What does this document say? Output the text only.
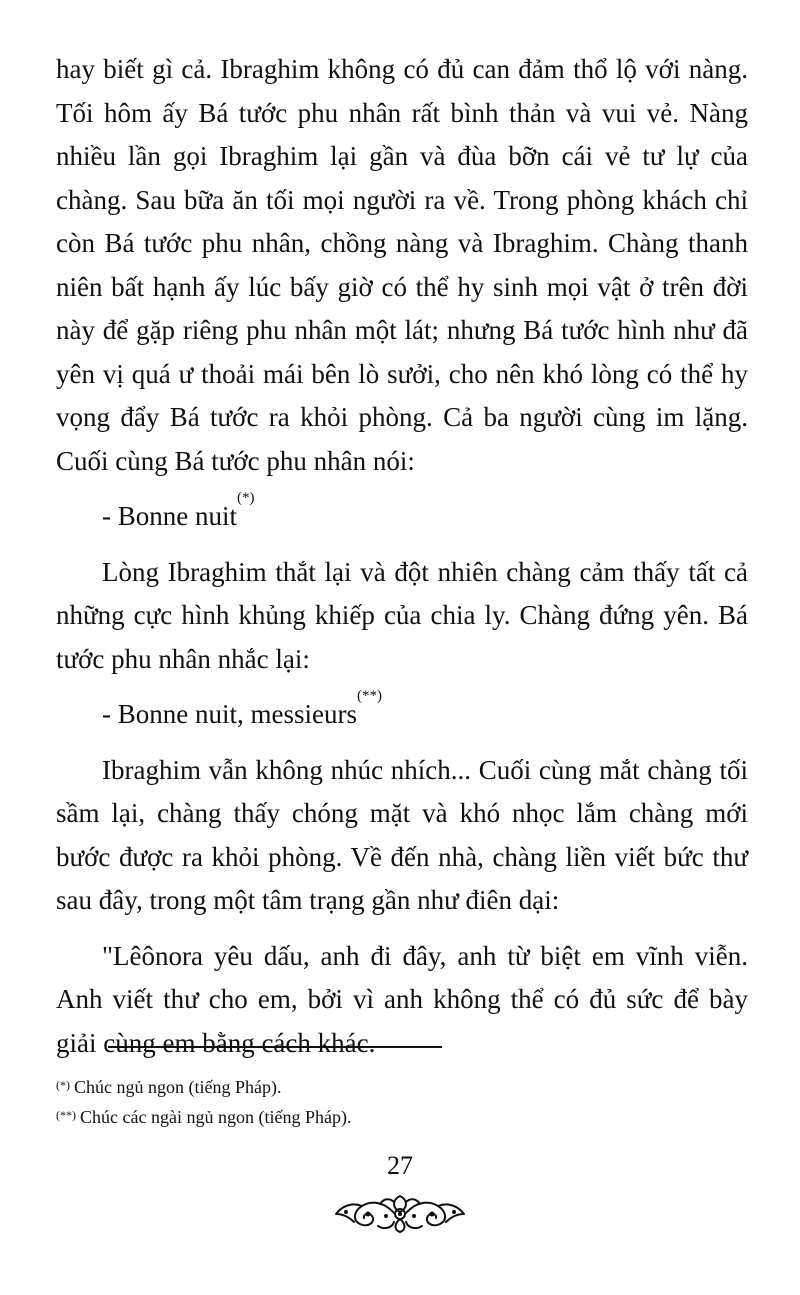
hay biết gì cả. Ibraghim không có đủ can đảm thổ lộ với nàng. Tối hôm ấy Bá tước phu nhân rất bình thản và vui vẻ. Nàng nhiều lần gọi Ibraghim lại gần và đùa bỡn cái vẻ tư lự của chàng. Sau bữa ăn tối mọi người ra về. Trong phòng khách chỉ còn Bá tước phu nhân, chồng nàng và Ibraghim. Chàng thanh niên bất hạnh ấy lúc bấy giờ có thể hy sinh mọi vật ở trên đời này để gặp riêng phu nhân một lát; nhưng Bá tước hình như đã yên vị quá ư thoải mái bên lò sưởi, cho nên khó lòng có thể hy vọng đẩy Bá tước ra khỏi phòng. Cả ba người cùng im lặng. Cuối cùng Bá tước phu nhân nói:

- Bonne nuit(*)

Lòng Ibraghim thắt lại và đột nhiên chàng cảm thấy tất cả những cực hình khủng khiếp của chia ly. Chàng đứng yên. Bá tước phu nhân nhắc lại:

- Bonne nuit, messieurs(**)

Ibraghim vẫn không nhúc nhích... Cuối cùng mắt chàng tối sầm lại, chàng thấy chóng mặt và khó nhọc lắm chàng mới bước được ra khỏi phòng. Về đến nhà, chàng liền viết bức thư sau đây, trong một tâm trạng gần như điên dại:

"Lêônora yêu dấu, anh đi đây, anh từ biệt em vĩnh viễn. Anh viết thư cho em, bởi vì anh không thể có đủ sức để bày giải cùng em bằng cách khác.

(*) Chúc ngủ ngon (tiếng Pháp).

(**) Chúc các ngài ngủ ngon (tiếng Pháp).

27
